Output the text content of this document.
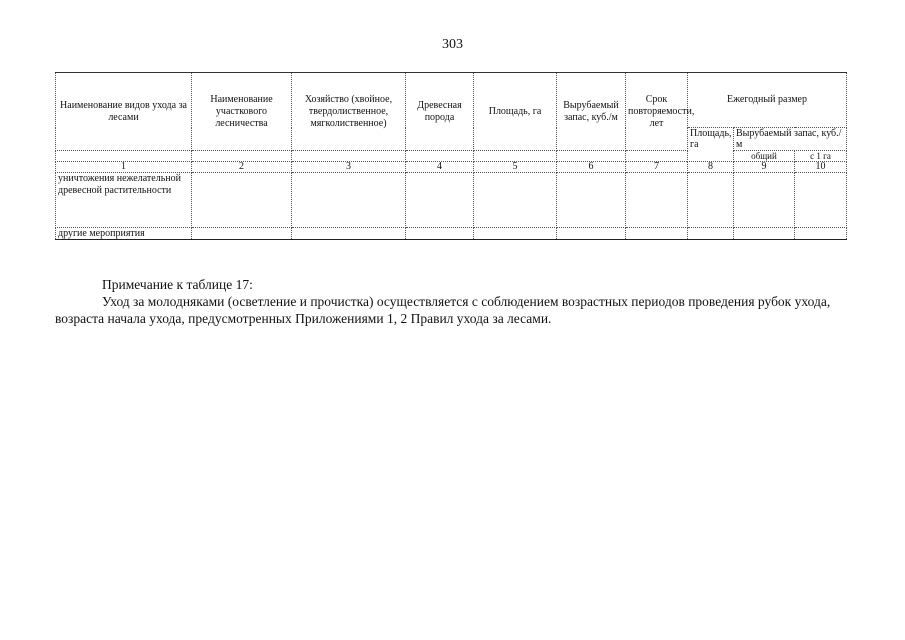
303
Наименование видов ухода за лесами	Наименование участкового лесничества	Хозяйство (хвойное, твердолиственное, мягколиственное)	Древесная порода	Площадь, га	Вырубаемый запас, куб./м	Срок повторяемости, лет	Ежегодный размер		
							Площадь, га	Вырубаемый запас, куб./м	
								общий	с 1 га
1	2	3	4	5	6	7	8	9	10
уничтожения нежелательной древесной растительности									
другие мероприятия									

Примечание к таблице 17:

Уход за молодняками (осветление и прочистка) осуществляется с соблюдением возрастных периодов проведения рубок ухода, возраста начала ухода, предусмотренных Приложениями 1, 2 Правил ухода за лесами.
